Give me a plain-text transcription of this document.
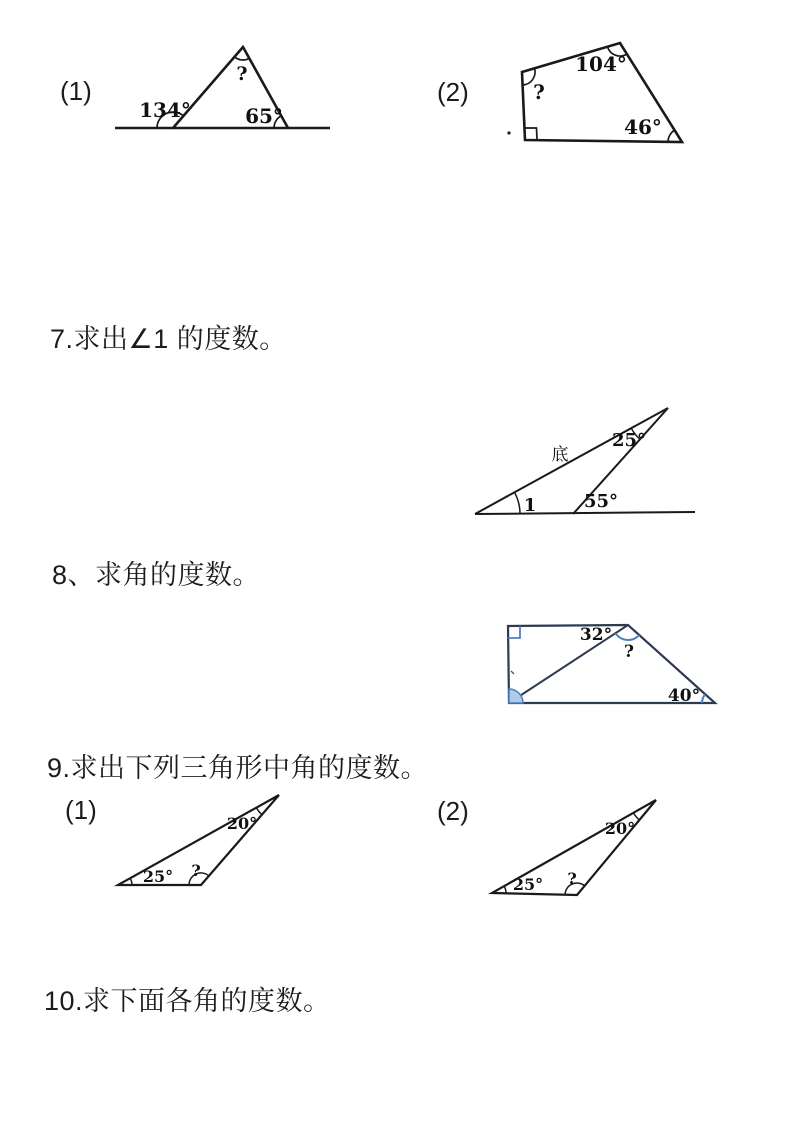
(1)
134°	65°
?
(2)	?
104°
46°
7.求出∠1 的度数。
底
25°
55°
1
8、求角的度数。
32°
?
40°
9.求出下列三角形中角的度数。
(1)
25° ?
20°	(2)
25° ?
20°
10.求下面各角的度数。
